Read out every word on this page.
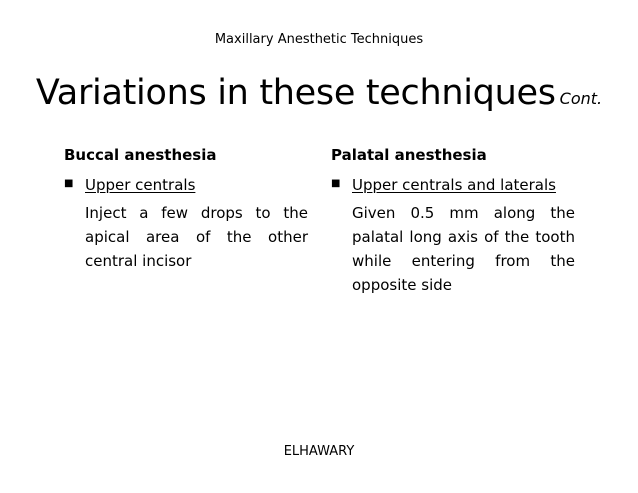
Maxillary Anesthetic Techniques
Variations in these techniques Cont.
Buccal anesthesia
■ Upper centrals
Inject a few drops to the apical area of the other central incisor
Palatal anesthesia
■ Upper centrals and laterals
Given 0.5 mm along the palatal long axis of the tooth while entering from the opposite side
ELHAWARY
